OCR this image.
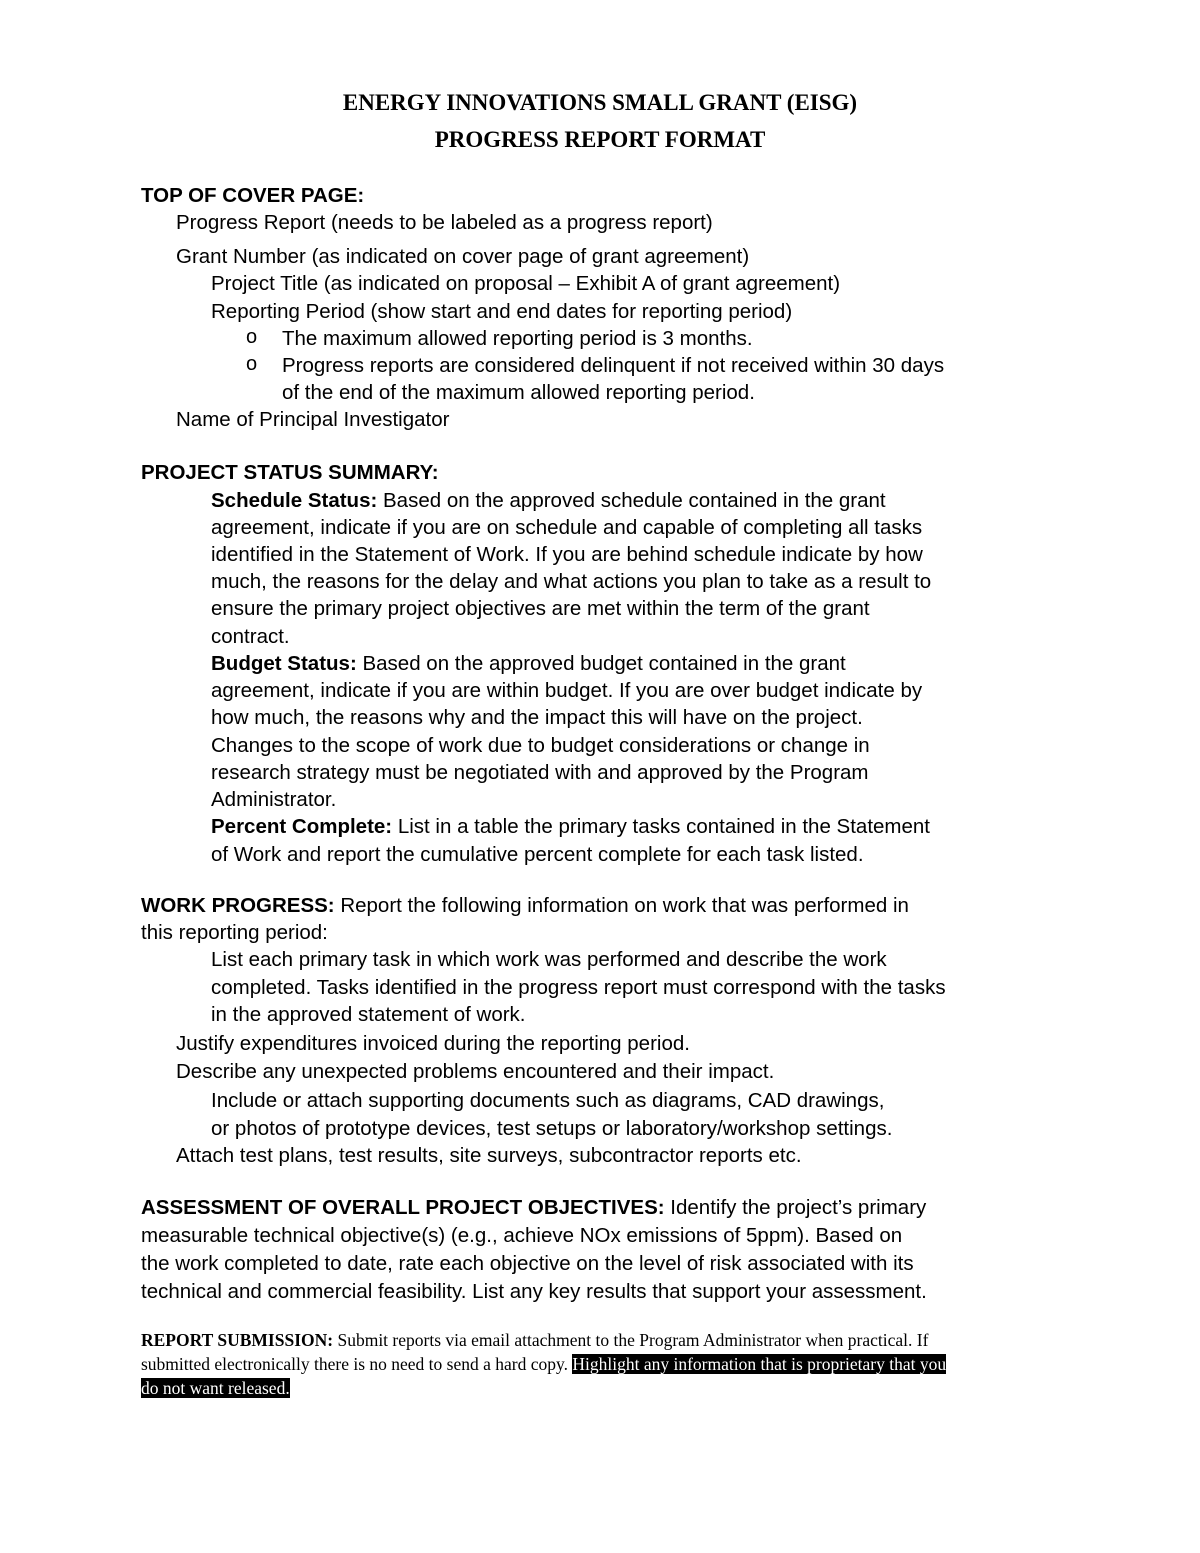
ENERGY INNOVATIONS SMALL GRANT (EISG)
PROGRESS REPORT FORMAT
TOP OF COVER PAGE:
Progress Report (needs to be labeled as a progress report)
Grant Number (as indicated on cover page of grant agreement)
Project Title (as indicated on proposal – Exhibit A of grant agreement)
Reporting Period (show start and end dates for reporting period)
o The maximum allowed reporting period is 3 months.
o Progress reports are considered delinquent if not received within 30 days
of the end of the maximum allowed reporting period.
Name of Principal Investigator
PROJECT STATUS SUMMARY:
Schedule Status: Based on the approved schedule contained in the grant
agreement, indicate if you are on schedule and capable of completing all tasks
identified in the Statement of Work. If you are behind schedule indicate by how
much, the reasons for the delay and what actions you plan to take as a result to
ensure the primary project objectives are met within the term of the grant
contract.
Budget Status: Based on the approved budget contained in the grant
agreement, indicate if you are within budget. If you are over budget indicate by
how much, the reasons why and the impact this will have on the project.
Changes to the scope of work due to budget considerations or change in
research strategy must be negotiated with and approved by the Program
Administrator.
Percent Complete: List in a table the primary tasks contained in the Statement
of Work and report the cumulative percent complete for each task listed.
WORK PROGRESS: Report the following information on work that was performed in
this reporting period:
List each primary task in which work was performed and describe the work
completed. Tasks identified in the progress report must correspond with the tasks
in the approved statement of work.
Justify expenditures invoiced during the reporting period.
Describe any unexpected problems encountered and their impact.
Include or attach supporting documents such as diagrams, CAD drawings,
or photos of prototype devices, test setups or laboratory/workshop settings.
Attach test plans, test results, site surveys, subcontractor reports etc.
ASSESSMENT OF OVERALL PROJECT OBJECTIVES: Identify the project’s primary
measurable technical objective(s) (e.g., achieve NOx emissions of 5ppm). Based on
the work completed to date, rate each objective on the level of risk associated with its
technical and commercial feasibility. List any key results that support your assessment.
REPORT SUBMISSION: Submit reports via email attachment to the Program Administrator when practical. If
submitted electronically there is no need to send a hard copy. Highlight any information that is proprietary that you
do not want released.
